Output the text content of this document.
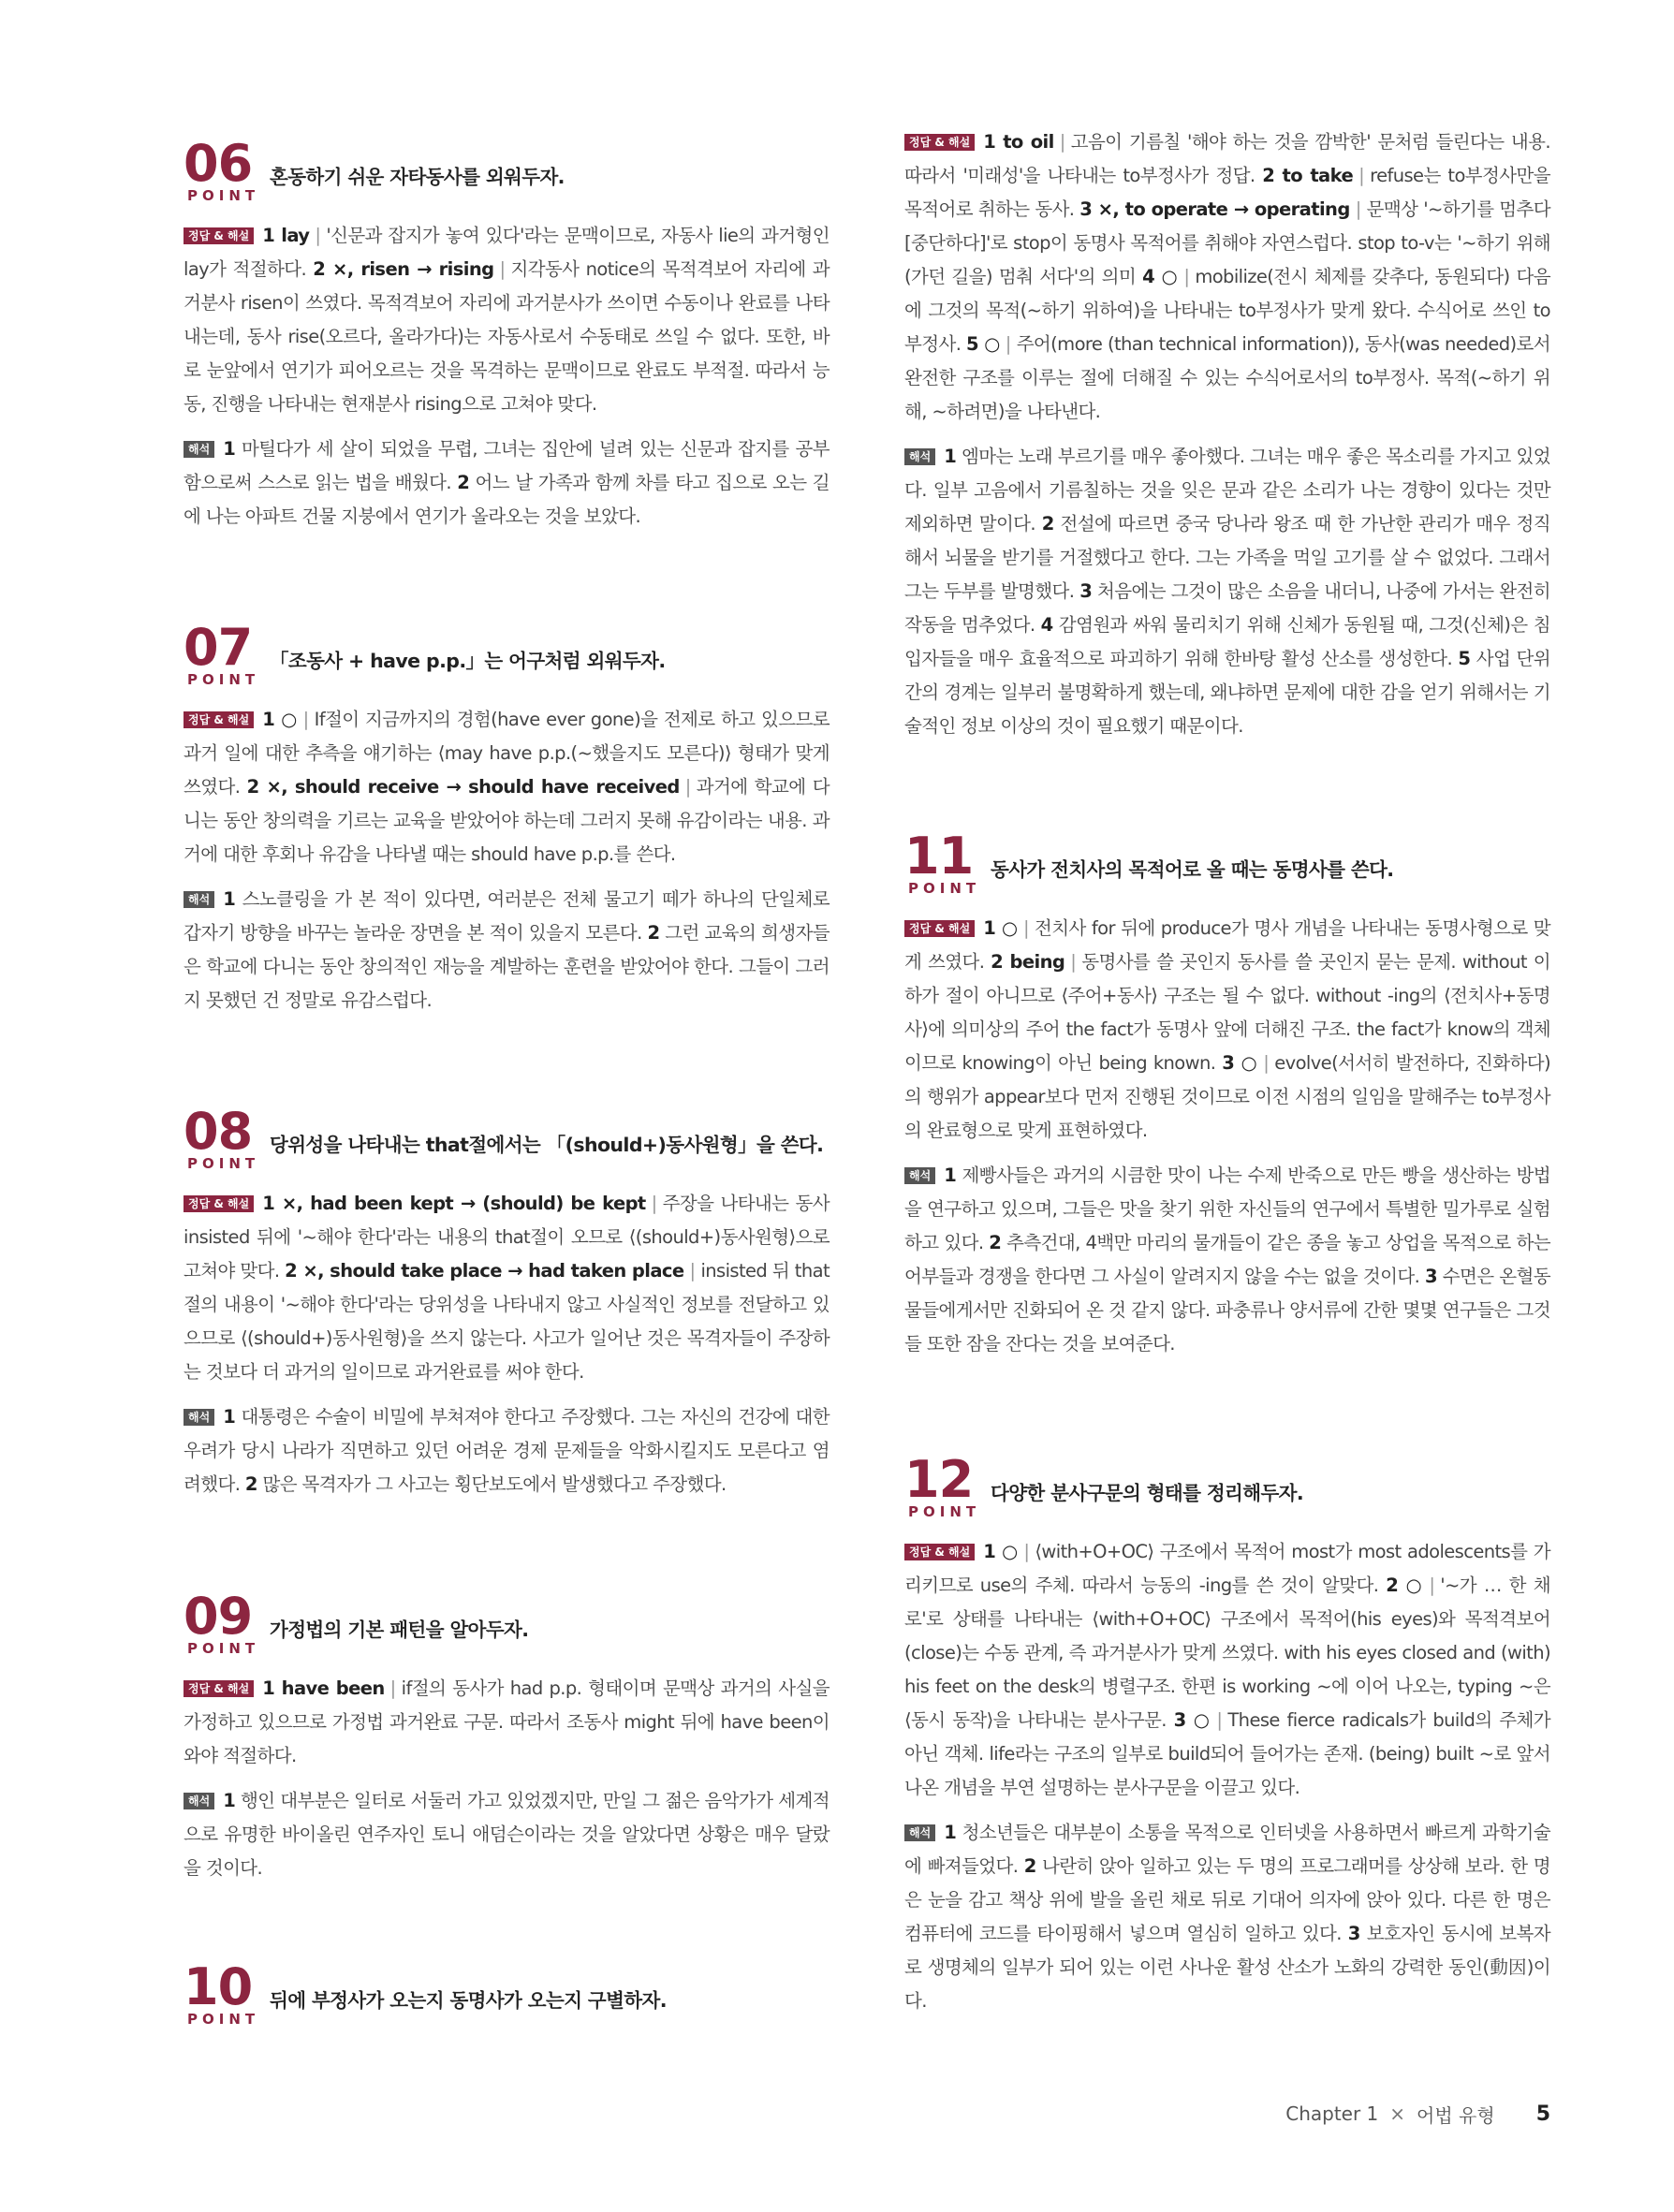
06
POINT
혼동하기 쉬운 자타동사를 외워두자.
정답 & 해설 1 lay | '신문과 잡지가 놓여 있다'라는 문맥이므로, 자동사 lie의 과거형인 lay가 적절하다. 2 ×, risen → rising | 지각동사 notice의 목적격보어 자리에 과거분사 risen이 쓰였다. 목적격보어 자리에 과거분사가 쓰이면 수동이나 완료를 나타내는데, 동사 rise(오르다, 올라가다)는 자동사로서 수동태로 쓰일 수 없다. 또한, 바로 눈앞에서 연기가 피어오르는 것을 목격하는 문맥이므로 완료도 부적절. 따라서 능동, 진행을 나타내는 현재분사 rising으로 고쳐야 맞다.
해석 1 마틸다가 세 살이 되었을 무렵, 그녀는 집안에 널려 있는 신문과 잡지를 공부함으로써 스스로 읽는 법을 배웠다. 2 어느 날 가족과 함께 차를 타고 집으로 오는 길에 나는 아파트 건물 지붕에서 연기가 올라오는 것을 보았다.
07
POINT
「조동사 + have p.p.」는 어구처럼 외워두자.
정답 & 해설 1 ○ | If절이 지금까지의 경험(have ever gone)을 전제로 하고 있으므로 과거 일에 대한 추측을 얘기하는 ⟨may have p.p.(~했을지도 모른다)⟩ 형태가 맞게 쓰였다. 2 ×, should receive → should have received | 과거에 학교에 다니는 동안 창의력을 기르는 교육을 받았어야 하는데 그러지 못해 유감이라는 내용. 과거에 대한 후회나 유감을 나타낼 때는 should have p.p.를 쓴다.
해석 1 스노클링을 가 본 적이 있다면, 여러분은 전체 물고기 떼가 하나의 단일체로 갑자기 방향을 바꾸는 놀라운 장면을 본 적이 있을지 모른다. 2 그런 교육의 희생자들은 학교에 다니는 동안 창의적인 재능을 계발하는 훈련을 받았어야 한다. 그들이 그러지 못했던 건 정말로 유감스럽다.
08
POINT
당위성을 나타내는 that절에서는 「(should+)동사원형」을 쓴다.
정답 & 해설 1 ×, had been kept → (should) be kept | 주장을 나타내는 동사 insisted 뒤에 '~해야 한다'라는 내용의 that절이 오므로 ⟨(should+)동사원형⟩으로 고쳐야 맞다. 2 ×, should take place → had taken place | insisted 뒤 that절의 내용이 '~해야 한다'라는 당위성을 나타내지 않고 사실적인 정보를 전달하고 있으므로 ⟨(should+)동사원형⟩을 쓰지 않는다. 사고가 일어난 것은 목격자들이 주장하는 것보다 더 과거의 일이므로 과거완료를 써야 한다.
해석 1 대통령은 수술이 비밀에 부쳐져야 한다고 주장했다. 그는 자신의 건강에 대한 우려가 당시 나라가 직면하고 있던 어려운 경제 문제들을 악화시킬지도 모른다고 염려했다. 2 많은 목격자가 그 사고는 횡단보도에서 발생했다고 주장했다.
09
POINT
가정법의 기본 패턴을 알아두자.
정답 & 해설 1 have been | if절의 동사가 had p.p. 형태이며 문맥상 과거의 사실을 가정하고 있으므로 가정법 과거완료 구문. 따라서 조동사 might 뒤에 have been이 와야 적절하다.
해석 1 행인 대부분은 일터로 서둘러 가고 있었겠지만, 만일 그 젊은 음악가가 세계적으로 유명한 바이올린 연주자인 토니 애덤슨이라는 것을 알았다면 상황은 매우 달랐을 것이다.
10
POINT
뒤에 부정사가 오는지 동명사가 오는지 구별하자.
정답 & 해설 1 to oil | 고음이 기름칠 '해야 하는 것을 깜박한' 문처럼 들린다는 내용. 따라서 '미래성'을 나타내는 to부정사가 정답. 2 to take | refuse는 to부정사만을 목적어로 취하는 동사. 3 ×, to operate → operating | 문맥상 '~하기를 멈추다[중단하다]'로 stop이 동명사 목적어를 취해야 자연스럽다. stop to-v는 '~하기 위해 (가던 길을) 멈춰 서다'의 의미 4 ○ | mobilize(전시 체제를 갖추다, 동원되다) 다음에 그것의 목적(~하기 위하여)을 나타내는 to부정사가 맞게 왔다. 수식어로 쓰인 to부정사. 5 ○ | 주어(more (than technical information)), 동사(was needed)로서 완전한 구조를 이루는 절에 더해질 수 있는 수식어로서의 to부정사. 목적(~하기 위해, ~하려면)을 나타낸다.
해석 1 엠마는 노래 부르기를 매우 좋아했다. 그녀는 매우 좋은 목소리를 가지고 있었다. 일부 고음에서 기름칠하는 것을 잊은 문과 같은 소리가 나는 경향이 있다는 것만 제외하면 말이다. 2 전설에 따르면 중국 당나라 왕조 때 한 가난한 관리가 매우 정직해서 뇌물을 받기를 거절했다고 한다. 그는 가족을 먹일 고기를 살 수 없었다. 그래서 그는 두부를 발명했다. 3 처음에는 그것이 많은 소음을 내더니, 나중에 가서는 완전히 작동을 멈추었다. 4 감염원과 싸워 물리치기 위해 신체가 동원될 때, 그것(신체)은 침입자들을 매우 효율적으로 파괴하기 위해 한바탕 활성 산소를 생성한다. 5 사업 단위 간의 경계는 일부러 불명확하게 했는데, 왜냐하면 문제에 대한 감을 얻기 위해서는 기술적인 정보 이상의 것이 필요했기 때문이다.
11
POINT
동사가 전치사의 목적어로 올 때는 동명사를 쓴다.
정답 & 해설 1 ○ | 전치사 for 뒤에 produce가 명사 개념을 나타내는 동명사형으로 맞게 쓰였다. 2 being | 동명사를 쓸 곳인지 동사를 쓸 곳인지 묻는 문제. without 이하가 절이 아니므로 ⟨주어+동사⟩ 구조는 될 수 없다. without -ing의 ⟨전치사+동명사⟩에 의미상의 주어 the fact가 동명사 앞에 더해진 구조. the fact가 know의 객체이므로 knowing이 아닌 being known. 3 ○ | evolve(서서히 발전하다, 진화하다)의 행위가 appear보다 먼저 진행된 것이므로 이전 시점의 일임을 말해주는 to부정사의 완료형으로 맞게 표현하였다.
해석 1 제빵사들은 과거의 시큼한 맛이 나는 수제 반죽으로 만든 빵을 생산하는 방법을 연구하고 있으며, 그들은 맛을 찾기 위한 자신들의 연구에서 특별한 밀가루로 실험하고 있다. 2 추측건대, 4백만 마리의 물개들이 같은 종을 놓고 상업을 목적으로 하는 어부들과 경쟁을 한다면 그 사실이 알려지지 않을 수는 없을 것이다. 3 수면은 온혈동물들에게서만 진화되어 온 것 같지 않다. 파충류나 양서류에 간한 몇몇 연구들은 그것들 또한 잠을 잔다는 것을 보여준다.
12
POINT
다양한 분사구문의 형태를 정리해두자.
정답 & 해설 1 ○ | ⟨with+O+OC⟩ 구조에서 목적어 most가 most adolescents를 가리키므로 use의 주체. 따라서 능동의 -ing를 쓴 것이 알맞다. 2 ○ | '~가 … 한 채로'로 상태를 나타내는 ⟨with+O+OC⟩ 구조에서 목적어(his eyes)와 목적격보어(close)는 수동 관계, 즉 과거분사가 맞게 쓰였다. with his eyes closed and (with) his feet on the desk의 병렬구조. 한편 is working ~에 이어 나오는, typing ~은 ⟨동시 동작⟩을 나타내는 분사구문. 3 ○ | These fierce radicals가 build의 주체가 아닌 객체. life라는 구조의 일부로 build되어 들어가는 존재. (being) built ~로 앞서 나온 개념을 부연 설명하는 분사구문을 이끌고 있다.
해석 1 청소년들은 대부분이 소통을 목적으로 인터넷을 사용하면서 빠르게 과학기술에 빠져들었다. 2 나란히 앉아 일하고 있는 두 명의 프로그래머를 상상해 보라. 한 명은 눈을 감고 책상 위에 발을 올린 채로 뒤로 기대어 의자에 앉아 있다. 다른 한 명은 컴퓨터에 코드를 타이핑해서 넣으며 열심히 일하고 있다. 3 보호자인 동시에 보복자로 생명체의 일부가 되어 있는 이런 사나운 활성 산소가 노화의 강력한 동인(動因)이다.
Chapter 1 × 어법 유형 5
